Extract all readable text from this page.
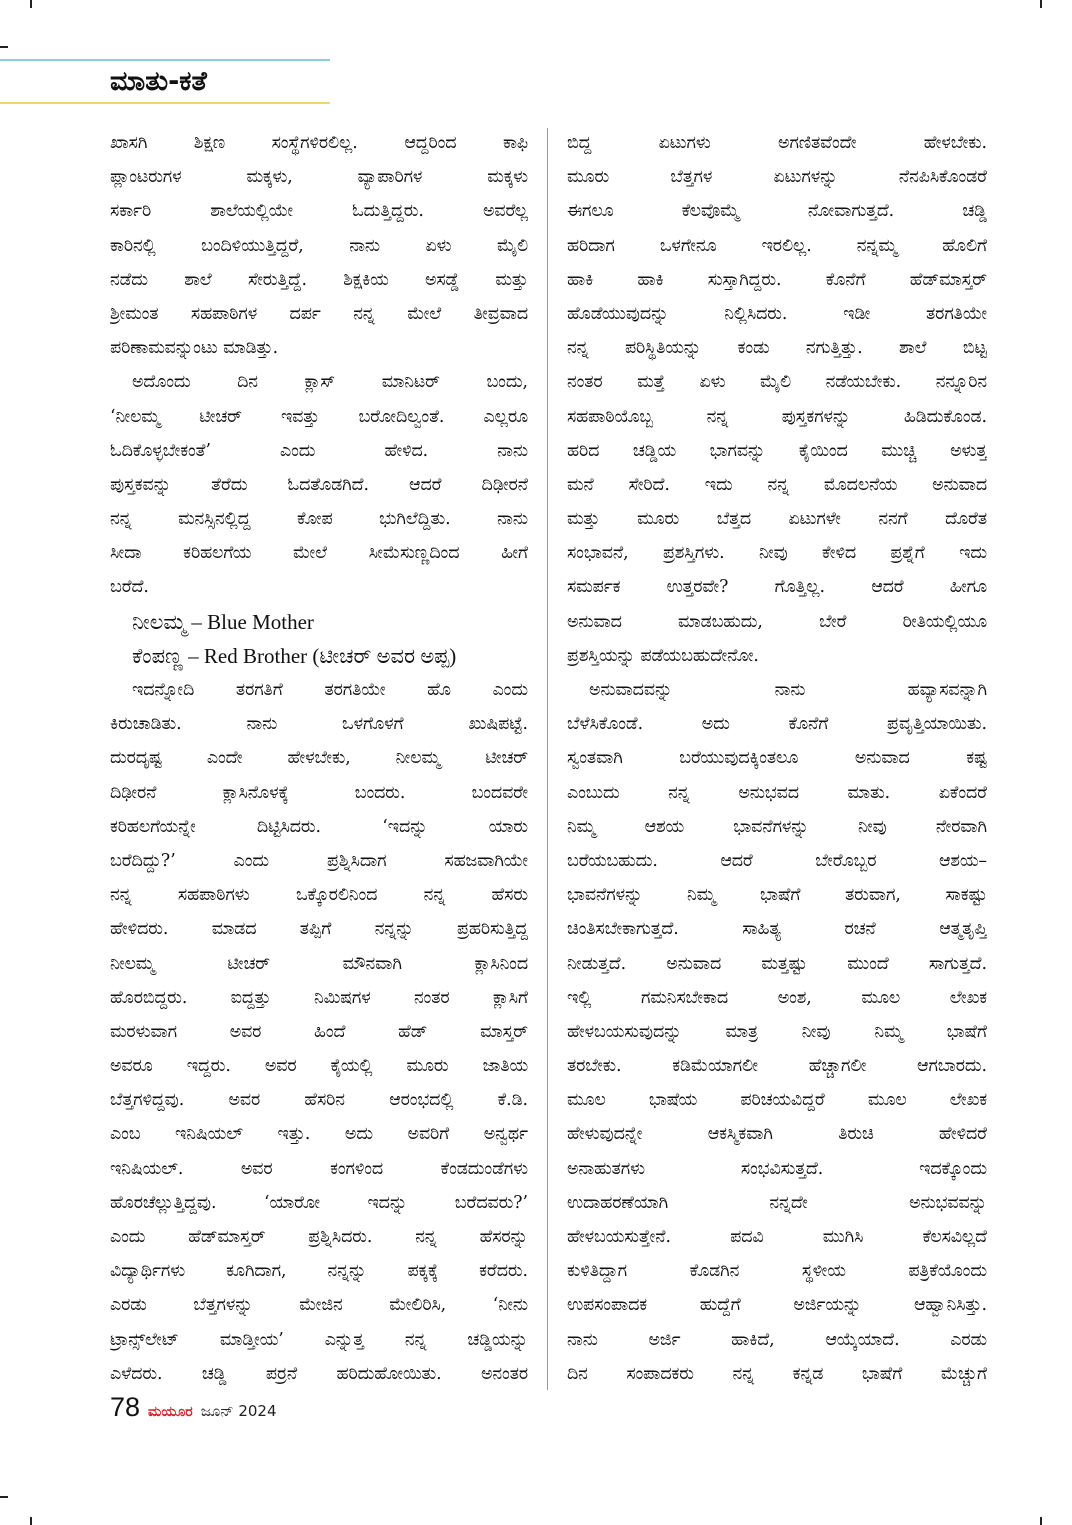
ಮಾತು-ಕತೆ
ಖಾಸಗಿ ಶಿಕ್ಷಣ ಸಂಸ್ಥೆಗಳಿರಲಿಲ್ಲ. ಆದ್ದರಿಂದ ಕಾಫಿ
ಪ್ಲಾಂಟರುಗಳ ಮಕ್ಕಳು, ವ್ಯಾಪಾರಿಗಳ ಮಕ್ಕಳು
ಸರ್ಕಾರಿ ಶಾಲೆಯಲ್ಲಿಯೇ ಓದುತ್ತಿದ್ದರು. ಅವರೆಲ್ಲ
ಕಾರಿನಲ್ಲಿ ಬಂದಿಳಿಯುತ್ತಿದ್ದರೆ, ನಾನು ಏಳು ಮೈಲಿ
ನಡೆದು ಶಾಲೆ ಸೇರುತ್ತಿದ್ದೆ. ಶಿಕ್ಷಕಿಯ ಅಸಡ್ಡೆ ಮತ್ತು
ಶ್ರೀಮಂತ ಸಹಪಾಠಿಗಳ ದರ್ಪ ನನ್ನ ಮೇಲೆ ತೀವ್ರವಾದ
ಪರಿಣಾಮವನ್ನುಂಟು ಮಾಡಿತ್ತು.
ಅದೊಂದು ದಿನ ಕ್ಲಾಸ್ ಮಾನಿಟರ್ ಬಂದು,
‘ನೀಲಮ್ಮ ಟೀಚರ್ ಇವತ್ತು ಬರೋದಿಲ್ವಂತೆ. ಎಲ್ಲರೂ
ಓದಿಕೊಳ್ಳಬೇಕಂತೆ’ ಎಂದು ಹೇಳಿದ. ನಾನು
ಪುಸ್ತಕವನ್ನು ತೆರೆದು ಓದತೊಡಗಿದೆ. ಆದರೆ ದಿಢೀರನೆ
ನನ್ನ ಮನಸ್ಸಿನಲ್ಲಿದ್ದ ಕೋಪ ಭುಗಿಲೆದ್ದಿತು. ನಾನು
ಸೀದಾ ಕರಿಹಲಗೆಯ ಮೇಲೆ ಸೀಮೆಸುಣ್ಣದಿಂದ ಹೀಗೆ
ಬರೆದೆ.
ನೀಲಮ್ಮ – Blue Mother
ಕೆಂಪಣ್ಣ – Red Brother (ಟೀಚರ್ ಅವರ ಅಪ್ಪ)
ಇದನ್ನೋದಿ ತರಗತಿಗೆ ತರಗತಿಯೇ ಹೊ ಎಂದು
ಕಿರುಚಾಡಿತು. ನಾನು ಒಳಗೊಳಗೆ ಖುಷಿಪಟ್ಟೆ.
ದುರದೃಷ್ಟ ಎಂದೇ ಹೇಳಬೇಕು, ನೀಲಮ್ಮ ಟೀಚರ್
ದಿಢೀರನೆ ಕ್ಲಾಸಿನೊಳಕ್ಕೆ ಬಂದರು. ಬಂದವರೇ
ಕರಿಹಲಗೆಯನ್ನೇ ದಿಟ್ಟಿಸಿದರು. ‘ಇದನ್ನು ಯಾರು
ಬರೆದಿದ್ದು?’ ಎಂದು ಪ್ರಶ್ನಿಸಿದಾಗ ಸಹಜವಾಗಿಯೇ
ನನ್ನ ಸಹಪಾಠಿಗಳು ಒಕ್ಕೊರಲಿನಿಂದ ನನ್ನ ಹೆಸರು
ಹೇಳಿದರು. ಮಾಡದ ತಪ್ಪಿಗೆ ನನ್ನನ್ನು ಪ್ರಹರಿಸುತ್ತಿದ್ದ
ನೀಲಮ್ಮ ಟೀಚರ್ ಮೌನವಾಗಿ ಕ್ಲಾಸಿನಿಂದ
ಹೊರಬಿದ್ದರು. ಐದ್ದತ್ತು ನಿಮಿಷಗಳ ನಂತರ ಕ್ಲಾಸಿಗೆ
ಮರಳುವಾಗ ಅವರ ಹಿಂದೆ ಹೆಡ್ ಮಾಸ್ತರ್
ಅವರೂ ಇದ್ದರು. ಅವರ ಕೈಯಲ್ಲಿ ಮೂರು ಜಾತಿಯ
ಬೆತ್ತಗಳಿದ್ದವು. ಅವರ ಹೆಸರಿನ ಆರಂಭದಲ್ಲಿ ಕೆ.ಡಿ.
ಎಂಬ ಇನಿಷಿಯಲ್ ಇತ್ತು. ಅದು ಅವರಿಗೆ ಅನ್ವರ್ಥ
ಇನಿಷಿಯಲ್. ಅವರ ಕಂಗಳಿಂದ ಕೆಂಡದುಂಡೆಗಳು
ಹೊರಚೆಲ್ಲುತ್ತಿದ್ದವು. ‘ಯಾರೋ ಇದನ್ನು ಬರೆದವರು?’
ಎಂದು ಹೆಡ್‌ಮಾಸ್ತರ್ ಪ್ರಶ್ನಿಸಿದರು. ನನ್ನ ಹೆಸರನ್ನು
ವಿದ್ಯಾರ್ಥಿಗಳು ಕೂಗಿದಾಗ, ನನ್ನನ್ನು ಪಕ್ಕಕ್ಕೆ ಕರೆದರು.
ಎರಡು ಬೆತ್ತಗಳನ್ನು ಮೇಜಿನ ಮೇಲಿರಿಸಿ, ‘ನೀನು
ಟ್ರಾನ್ಸ್‌ಲೇಟ್ ಮಾಡ್ತೀಯ’ ಎನ್ನುತ್ತ ನನ್ನ ಚಡ್ಡಿಯನ್ನು
ಎಳೆದರು. ಚಡ್ಡಿ ಪರ್ರನೆ ಹರಿದುಹೋಯಿತು. ಅನಂತರ
ಬಿದ್ದ ಏಟುಗಳು ಅಗಣಿತವೆಂದೇ ಹೇಳಬೇಕು.
ಮೂರು ಬೆತ್ತಗಳ ಏಟುಗಳನ್ನು ನೆನಪಿಸಿಕೊಂಡರೆ
ಈಗಲೂ ಕೆಲವೊಮ್ಮೆ ನೋವಾಗುತ್ತದೆ. ಚಡ್ಡಿ
ಹರಿದಾಗ ಒಳಗೇನೂ ಇರಲಿಲ್ಲ. ನನ್ನಮ್ಮ ಹೊಲಿಗೆ
ಹಾಕಿ ಹಾಕಿ ಸುಸ್ತಾಗಿದ್ದರು. ಕೊನೆಗೆ ಹೆಡ್‌ಮಾಸ್ತರ್
ಹೊಡೆಯುವುದನ್ನು ನಿಲ್ಲಿಸಿದರು. ಇಡೀ ತರಗತಿಯೇ
ನನ್ನ ಪರಿಸ್ಥಿತಿಯನ್ನು ಕಂಡು ನಗುತ್ತಿತ್ತು. ಶಾಲೆ ಬಿಟ್ಟ
ನಂತರ ಮತ್ತೆ ಏಳು ಮೈಲಿ ನಡೆಯಬೇಕು. ನನ್ನೂರಿನ
ಸಹಪಾಠಿಯೊಬ್ಬ ನನ್ನ ಪುಸ್ತಕಗಳನ್ನು ಹಿಡಿದುಕೊಂಡ.
ಹರಿದ ಚಡ್ಡಿಯ ಭಾಗವನ್ನು ಕೈಯಿಂದ ಮುಚ್ಚಿ ಅಳುತ್ತ
ಮನೆ ಸೇರಿದೆ. ಇದು ನನ್ನ ಮೊದಲನೆಯ ಅನುವಾದ
ಮತ್ತು ಮೂರು ಬೆತ್ತದ ಏಟುಗಳೇ ನನಗೆ ದೊರೆತ
ಸಂಭಾವನೆ, ಪ್ರಶಸ್ತಿಗಳು. ನೀವು ಕೇಳಿದ ಪ್ರಶ್ನೆಗೆ ಇದು
ಸಮರ್ಪಕ ಉತ್ತರವೇ? ಗೊತ್ತಿಲ್ಲ. ಆದರೆ ಹೀಗೂ
ಅನುವಾದ ಮಾಡಬಹುದು, ಬೇರೆ ರೀತಿಯಲ್ಲಿಯೂ
ಪ್ರಶಸ್ತಿಯನ್ನು ಪಡೆಯಬಹುದೇನೋ.
ಅನುವಾದವನ್ನು ನಾನು ಹವ್ಯಾಸವನ್ನಾಗಿ
ಬೆಳೆಸಿಕೊಂಡೆ. ಅದು ಕೊನೆಗೆ ಪ್ರವೃತ್ತಿಯಾಯಿತು.
ಸ್ವಂತವಾಗಿ ಬರೆಯುವುದಕ್ಕಿಂತಲೂ ಅನುವಾದ ಕಷ್ಟ
ಎಂಬುದು ನನ್ನ ಅನುಭವದ ಮಾತು. ಏಕೆಂದರೆ
ನಿಮ್ಮ ಆಶಯ ಭಾವನೆಗಳನ್ನು ನೀವು ನೇರವಾಗಿ
ಬರೆಯಬಹುದು. ಆದರೆ ಬೇರೊಬ್ಬರ ಆಶಯ–
ಭಾವನೆಗಳನ್ನು ನಿಮ್ಮ ಭಾಷೆಗೆ ತರುವಾಗ, ಸಾಕಷ್ಟು
ಚಿಂತಿಸಬೇಕಾಗುತ್ತದೆ. ಸಾಹಿತ್ಯ ರಚನೆ ಆತ್ಮತೃಪ್ತಿ
ನೀಡುತ್ತದೆ. ಅನುವಾದ ಮತ್ತಷ್ಟು ಮುಂದೆ ಸಾಗುತ್ತದೆ.
ಇಲ್ಲಿ ಗಮನಿಸಬೇಕಾದ ಅಂಶ, ಮೂಲ ಲೇಖಕ
ಹೇಳಬಯಸುವುದನ್ನು ಮಾತ್ರ ನೀವು ನಿಮ್ಮ ಭಾಷೆಗೆ
ತರಬೇಕು. ಕಡಿಮೆಯಾಗಲೀ ಹೆಚ್ಚಾಗಲೀ ಆಗಬಾರದು.
ಮೂಲ ಭಾಷೆಯ ಪರಿಚಯವಿದ್ದರೆ ಮೂಲ ಲೇಖಕ
ಹೇಳುವುದನ್ನೇ ಆಕಸ್ಮಿಕವಾಗಿ ತಿರುಚಿ ಹೇಳಿದರೆ
ಅನಾಹುತಗಳು ಸಂಭವಿಸುತ್ತದೆ. ಇದಕ್ಕೊಂದು
ಉದಾಹರಣೆಯಾಗಿ ನನ್ನದೇ ಅನುಭವವನ್ನು
ಹೇಳಬಯಸುತ್ತೇನೆ. ಪದವಿ ಮುಗಿಸಿ ಕೆಲಸವಿಲ್ಲದೆ
ಕುಳಿತಿದ್ದಾಗ ಕೊಡಗಿನ ಸ್ಥಳೀಯ ಪತ್ರಿಕೆಯೊಂದು
ಉಪಸಂಪಾದಕ ಹುದ್ದೆಗೆ ಅರ್ಜಿಯನ್ನು ಆಹ್ವಾನಿಸಿತ್ತು.
ನಾನು ಅರ್ಜಿ ಹಾಕಿದೆ, ಆಯ್ಕೆಯಾದೆ. ಎರಡು
ದಿನ ಸಂಪಾದಕರು ನನ್ನ ಕನ್ನಡ ಭಾಷೆಗೆ ಮೆಚ್ಚುಗೆ
78 ಮಯೂರ ಜೂನ್ 2024
